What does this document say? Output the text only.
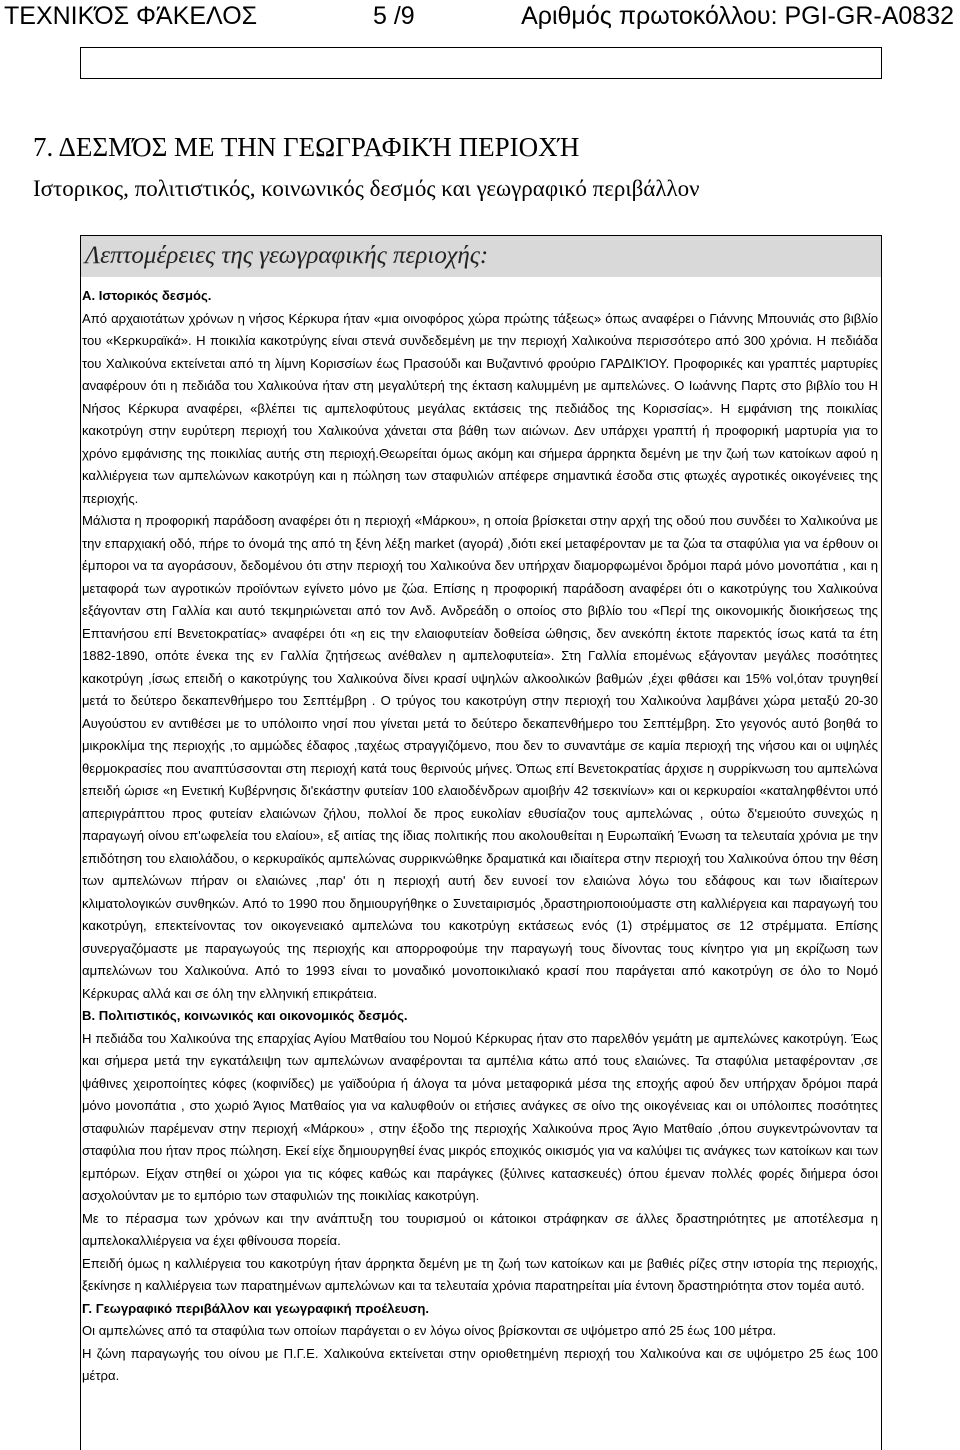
ΤΕΧΝΙΚΌΣ ΦΆΚΕΛΟΣ	5 /9	Αριθμός πρωτοκόλλου: PGI-GR-A0832
7. ΔΕΣΜΌΣ ΜΕ ΤΗΝ ΓΕΩΓΡΑΦΙΚΉ ΠΕΡΙΟΧΉ
Ιστορικος, πολιτιστικός, κοινωνικός δεσμός και γεωγραφικό περιβάλλον
Λεπτομέρειες της γεωγραφικής περιοχής:

Α. Ιστορικός δεσμός.

Από αρχαιοτάτων χρόνων η νήσος Κέρκυρα ήταν «μια οινοφόρος χώρα πρώτης τάξεως» όπως αναφέρει ο Γιάννης Μπουνιάς στο βιβλίο του «Κερκυραϊκά». Η ποικιλία κακοτρύγης είναι στενά συνδεδεμένη με την περιοχή Χαλικούνα περισσότερο από 300 χρόνια. Η πεδιάδα του Χαλικούνα εκτείνεται από τη λίμνη Κορισσίων έως Πρασούδι και Βυζαντινό φρούριο ΓΑΡΔΙΚΊΟΥ. Προφορικές και γραπτές μαρτυρίες αναφέρουν ότι η πεδιάδα του Χαλικούνα ήταν στη μεγαλύτερή της έκταση καλυμμένη με αμπελώνες. Ο Ιωάννης Παρτς στο βιβλίο του Η Νήσος Κέρκυρα αναφέρει, «βλέπει τις αμπελοφύτους μεγάλας εκτάσεις της πεδιάδος της Κορισσίας». Η εμφάνιση της ποικιλίας κακοτρύγη στην ευρύτερη περιοχή του Χαλικούνα χάνεται στα βάθη των αιώνων. Δεν υπάρχει γραπτή ή προφορική μαρτυρία για το χρόνο εμφάνισης της ποικιλίας αυτής στη περιοχή.Θεωρείται όμως ακόμη και σήμερα άρρηκτα δεμένη με την ζωή των κατοίκων αφού η καλλιέργεια των αμπελώνων κακοτρύγη και η πώληση των σταφυλιών απέφερε σημαντικά έσοδα στις φτωχές αγροτικές οικογένειες της περιοχής.

Μάλιστα η προφορική παράδοση αναφέρει ότι η περιοχή «Μάρκου», η οποία βρίσκεται στην αρχή της οδού που συνδέει το Χαλικούνα με την επαρχιακή οδό, πήρε το όνομά της από τη ξένη λέξη market (αγορά) ,διότι εκεί μεταφέρονταν με τα ζώα τα σταφύλια για να έρθουν οι έμποροι να τα αγοράσουν, δεδομένου ότι στην περιοχή του Χαλικούνα δεν υπήρχαν διαμορφωμένοι δρόμοι παρά μόνο μονοπάτια , και η μεταφορά των αγροτικών προϊόντων εγίνετο μόνο με ζώα. Επίσης η προφορική παράδοση αναφέρει ότι ο κακοτρύγης του Χαλικούνα εξάγονταν στη Γαλλία και αυτό τεκμηριώνεται από τον Ανδ. Ανδρεάδη ο οποίος στο βιβλίο του «Περί της οικονομικής διοικήσεως της Επτανήσου επί Βενετοκρατίας» αναφέρει ότι «η εις την ελαιοφυτείαν δοθείσα ώθησις, δεν ανεκόπη έκτοτε παρεκτός ίσως κατά τα έτη 1882-1890, οπότε ένεκα της εν Γαλλία ζητήσεως ανέθαλεν η αμπελοφυτεία». Στη Γαλλία επομένως εξάγονταν μεγάλες ποσότητες κακοτρύγη ,ίσως επειδή ο κακοτρύγης του Χαλικούνα δίνει κρασί υψηλών αλκοολικών βαθμών ,έχει φθάσει και 15% vol,όταν τρυγηθεί μετά το δεύτερο δεκαπενθήμερο του Σεπτέμβρη . Ο τρύγος του κακοτρύγη στην περιοχή του Χαλικούνα λαμβάνει χώρα μεταξύ 20-30 Αυγούστου εν αντιθέσει με το υπόλοιπο νησί που γίνεται μετά το δεύτερο δεκαπενθήμερο του Σεπτέμβρη. Στο γεγονός αυτό βοηθά το μικροκλίμα της περιοχής ,το αμμώδες έδαφος ,ταχέως στραγγιζόμενο, που δεν το συναντάμε σε καμία περιοχή της νήσου και οι υψηλές θερμοκρασίες που αναπτύσσονται στη περιοχή κατά τους θερινούς μήνες. Όπως επί Βενετοκρατίας άρχισε η συρρίκνωση του αμπελώνα επειδή ώρισε «η Ενετική Κυβέρνησις δι'εκάστην φυτείαν 100 ελαιοδένδρων αμοιβήν 42 τσεκινίων» και οι κερκυραίοι «καταληφθέντοι υπό απεριγράπτου προς φυτείαν ελαιώνων ζήλου, πολλοί δε προς ευκολίαν εθυσίαζον τους αμπελώνας , ούτω δ'εμειούτο συνεχώς η παραγωγή οίνου επ'ωφελεία του ελαίου», εξ αιτίας της ίδιας πολιτικής που ακολουθείται η Ευρωπαϊκή Ένωση τα τελευταία χρόνια με την επιδότηση του ελαιολάδου, ο κερκυραϊκός αμπελώνας συρρικνώθηκε δραματικά και ιδιαίτερα στην περιοχή του Χαλικούνα όπου την θέση των αμπελώνων πήραν οι ελαιώνες ,παρ' ότι η περιοχή αυτή δεν ευνοεί τον ελαιώνα λόγω του εδάφους και των ιδιαίτερων κλιματολογικών συνθηκών. Από το 1990 που δημιουργήθηκε ο Συνεταιρισμός ,δραστηριοποιούμαστε στη καλλιέργεια και παραγωγή του κακοτρύγη, επεκτείνοντας τον οικογενειακό αμπελώνα του κακοτρύγη εκτάσεως ενός (1) στρέμματος σε 12 στρέμματα. Επίσης συνεργαζόμαστε με παραγωγούς της περιοχής και απορροφούμε την παραγωγή τους δίνοντας τους κίνητρο για μη εκρίζωση των αμπελώνων του Χαλικούνα. Από το 1993 είναι το μοναδικό μονοποικιλιακό κρασί που παράγεται από κακοτρύγη σε όλο το Νομό Κέρκυρας αλλά και σε όλη την ελληνική επικράτεια.

Β. Πολιτιστικός, κοινωνικός και οικονομικός δεσμός.

Η πεδιάδα του Χαλικούνα της επαρχίας Αγίου Ματθαίου του Νομού Κέρκυρας ήταν στο παρελθόν γεμάτη με αμπελώνες κακοτρύγη. Έως και σήμερα μετά την εγκατάλειψη των αμπελώνων αναφέρονται τα αμπέλια κάτω από τους ελαιώνες. Τα σταφύλια μεταφέρονταν ,σε ψάθινες χειροποίητες κόφες (κοφινίδες) με γαϊδούρια ή άλογα τα μόνα μεταφορικά μέσα της εποχής αφού δεν υπήρχαν δρόμοι παρά μόνο μονοπάτια , στο χωριό Άγιος Ματθαίος για να καλυφθούν οι ετήσιες ανάγκες σε οίνο της οικογένειας και οι υπόλοιπες ποσότητες σταφυλιών παρέμεναν στην περιοχή «Μάρκου» , στην έξοδο της περιοχής Χαλικούνα προς Άγιο Ματθαίο ,όπου συγκεντρώνονταν τα σταφύλια που ήταν προς πώληση. Εκεί είχε δημιουργηθεί ένας μικρός εποχικός οικισμός για να καλύψει τις ανάγκες των κατοίκων και των εμπόρων. Είχαν στηθεί οι χώροι για τις κόφες καθώς και παράγκες (ξύλινες κατασκευές) όπου έμεναν πολλές φορές διήμερα όσοι ασχολούνταν με το εμπόριο των σταφυλιών της ποικιλίας κακοτρύγη.

Με το πέρασμα των χρόνων και την ανάπτυξη του τουρισμού οι κάτοικοι στράφηκαν σε άλλες δραστηριότητες με αποτέλεσμα η αμπελοκαλλιέργεια να έχει φθίνουσα πορεία.

Επειδή όμως η καλλιέργεια του κακοτρύγη ήταν άρρηκτα δεμένη με τη ζωή των κατοίκων και με βαθιές ρίζες στην ιστορία της περιοχής, ξεκίνησε η καλλιέργεια των παρατημένων αμπελώνων και τα τελευταία χρόνια παρατηρείται μία έντονη δραστηριότητα στον τομέα αυτό.

Γ. Γεωγραφικό περιβάλλον και γεωγραφική προέλευση.

Οι αμπελώνες από τα σταφύλια των οποίων παράγεται ο εν λόγω οίνος βρίσκονται σε υψόμετρο από 25 έως 100 μέτρα.

Η ζώνη παραγωγής του οίνου με Π.Γ.Ε. Χαλικούνα εκτείνεται στην οριοθετημένη περιοχή του Χαλικούνα και σε υψόμετρο 25 έως 100 μέτρα.
